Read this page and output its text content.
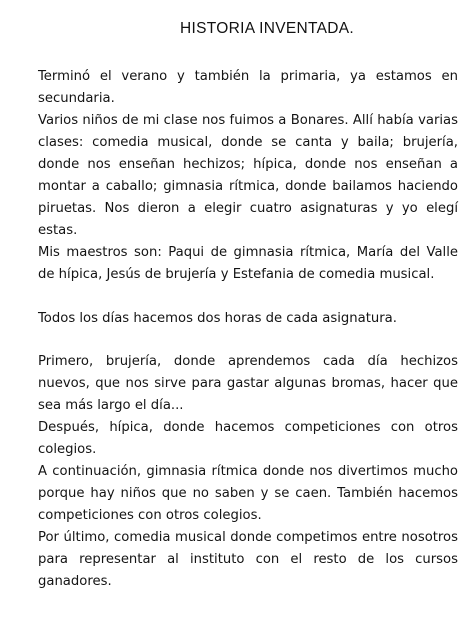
HISTORIA INVENTADA.

Terminó el verano y también la primaria, ya estamos en secundaria.

Varios niños de mi clase nos fuimos a Bonares. Allí había varias clases: comedia musical, donde se canta y baila; brujería, donde nos enseñan hechizos; hípica, donde nos enseñan a montar a caballo; gimnasia rítmica, donde bailamos haciendo piruetas. Nos dieron a elegir cuatro asignaturas y yo elegí estas.

Mis maestros son: Paqui de gimnasia rítmica, María del Valle de hípica, Jesús de brujería y Estefania de comedia musical.

Todos los días hacemos dos horas de cada asignatura.

Primero, brujería, donde aprendemos cada día hechizos nuevos, que nos sirve para gastar algunas bromas, hacer que sea más largo el día...

Después, hípica, donde hacemos competiciones con otros colegios.

A continuación, gimnasia rítmica donde nos divertimos mucho porque hay niños que no saben y se caen. También hacemos competiciones con otros colegios.

Por último, comedia musical donde competimos entre nosotros para representar al instituto con el resto de los cursos ganadores.
